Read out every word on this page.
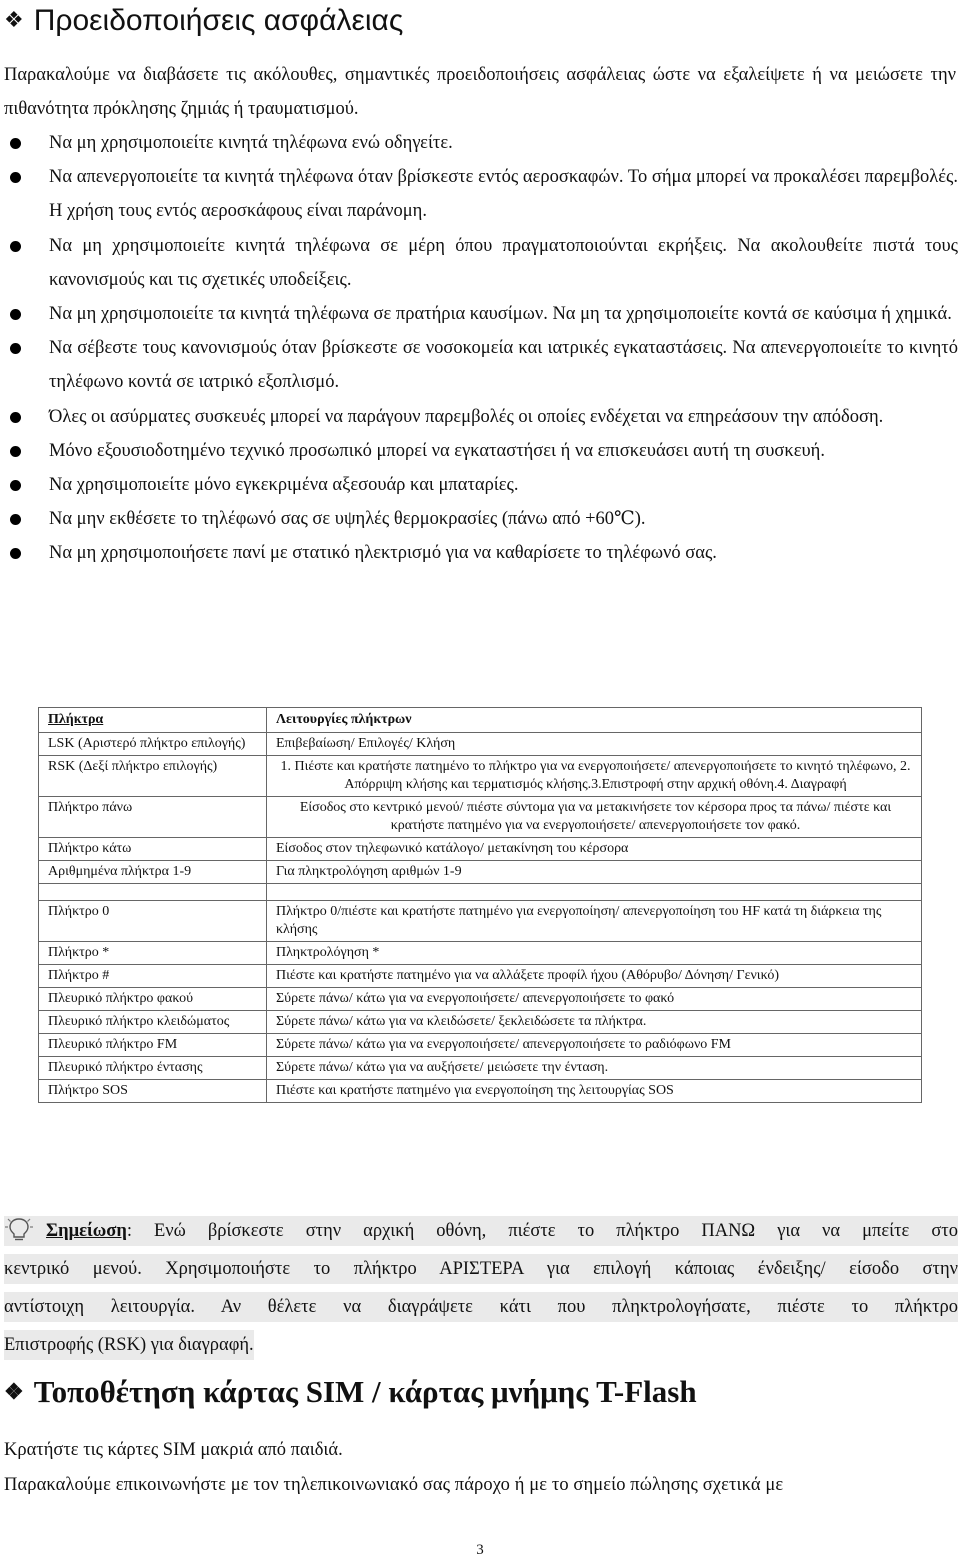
❖ Προειδοποιήσεις ασφάλειας

Παρακαλούμε να διαβάσετε τις ακόλουθες, σημαντικές προειδοποιήσεις ασφάλειας ώστε να εξαλείψετε ή να μειώσετε την πιθανότητα πρόκλησης ζημιάς ή τραυματισμού.

Να μη χρησιμοποιείτε κινητά τηλέφωνα ενώ οδηγείτε.
Να απενεργοποιείτε τα κινητά τηλέφωνα όταν βρίσκεστε εντός αεροσκαφών. Το σήμα μπορεί να προκαλέσει παρεμβολές. Η χρήση τους εντός αεροσκάφους είναι παράνομη.
Να μη χρησιμοποιείτε κινητά τηλέφωνα σε μέρη όπου πραγματοποιούνται εκρήξεις. Να ακολουθείτε πιστά τους κανονισμούς και τις σχετικές υποδείξεις.
Να μη χρησιμοποιείτε τα κινητά τηλέφωνα σε πρατήρια καυσίμων. Να μη τα χρησιμοποιείτε κοντά σε καύσιμα ή χημικά.
Να σέβεστε τους κανονισμούς όταν βρίσκεστε σε νοσοκομεία και ιατρικές εγκαταστάσεις. Να απενεργοποιείτε το κινητό τηλέφωνο κοντά σε ιατρικό εξοπλισμό.
Όλες οι ασύρματες συσκευές μπορεί να παράγουν παρεμβολές οι οποίες ενδέχεται να επηρεάσουν την απόδοση.
Μόνο εξουσιοδοτημένο τεχνικό προσωπικό μπορεί να εγκαταστήσει ή να επισκευάσει αυτή τη συσκευή.
Να χρησιμοποιείτε μόνο εγκεκριμένα αξεσουάρ και μπαταρίες.
Να μην εκθέσετε το τηλέφωνό σας σε υψηλές θερμοκρασίες (πάνω από +60℃).
Να μη χρησιμοποιήσετε πανί με στατικό ηλεκτρισμό για να καθαρίσετε το τηλέφωνό σας.
Πλήκτρα	Λειτουργίες πλήκτρων
LSK (Αριστερό πλήκτρο επιλογής)	Επιβεβαίωση/ Επιλογές/ Κλήση
RSK (Δεξί πλήκτρο επιλογής)	1. Πιέστε και κρατήστε πατημένο το πλήκτρο για να ενεργοποιήσετε/ απενεργοποιήσετε το κινητό τηλέφωνο, 2. Απόρριψη κλήσης και τερματισμός κλήσης.3.Επιστροφή στην αρχική οθόνη.4. Διαγραφή
Πλήκτρο πάνω	Είσοδος στο κεντρικό μενού/ πιέστε σύντομα για να μετακινήσετε τον κέρσορα προς τα πάνω/ πιέστε και κρατήστε πατημένο για να ενεργοποιήσετε/ απενεργοποιήσετε τον φακό.
Πλήκτρο κάτω	Είσοδος στον τηλεφωνικό κατάλογο/ μετακίνηση του κέρσορα
Αριθμημένα πλήκτρα 1-9	Για πληκτρολόγηση αριθμών 1-9

Πλήκτρο 0	Πλήκτρο 0/πιέστε και κρατήστε πατημένο για ενεργοποίηση/ απενεργοποίηση του HF κατά τη διάρκεια της κλήσης
Πλήκτρο *	Πληκτρολόγηση *
Πλήκτρο #	Πιέστε και κρατήστε πατημένο για να αλλάξετε προφίλ ήχου (Αθόρυβο/ Δόνηση/ Γενικό)
Πλευρικό πλήκτρο φακού	Σύρετε πάνω/ κάτω για να ενεργοποιήσετε/ απενεργοποιήσετε το φακό
Πλευρικό πλήκτρο κλειδώματος	Σύρετε πάνω/ κάτω για να κλειδώσετε/ ξεκλειδώσετε τα πλήκτρα.
Πλευρικό πλήκτρο FM	Σύρετε πάνω/ κάτω για να ενεργοποιήσετε/ απενεργοποιήσετε το ραδιόφωνο FM
Πλευρικό πλήκτρο έντασης	Σύρετε πάνω/ κάτω για να αυξήσετε/ μειώσετε την ένταση.
Πλήκτρο SOS	Πιέστε και κρατήστε πατημένο για ενεργοποίηση της λειτουργίας SOS
Σημείωση: Ενώ βρίσκεστε στην αρχική οθόνη, πιέστε το πλήκτρο ΠΑΝΩ για να μπείτε στο
κεντρικό μενού. Χρησιμοποιήστε το πλήκτρο ΑΡΙΣΤΕΡΑ για επιλογή κάποιας ένδειξης/ είσοδο στην
αντίστοιχη λειτουργία. Αν θέλετε να διαγράψετε κάτι που πληκτρολογήσατε, πιέστε το πλήκτρο
Επιστροφής (RSK) για διαγραφή.
❖ Τοποθέτηση κάρτας SIM / κάρτας μνήμης T-Flash

Κρατήστε τις κάρτες SIM μακριά από παιδιά.

Παρακαλούμε επικοινωνήστε με τον τηλεπικοινωνιακό σας πάροχο ή με το σημείο πώλησης σχετικά με

3
